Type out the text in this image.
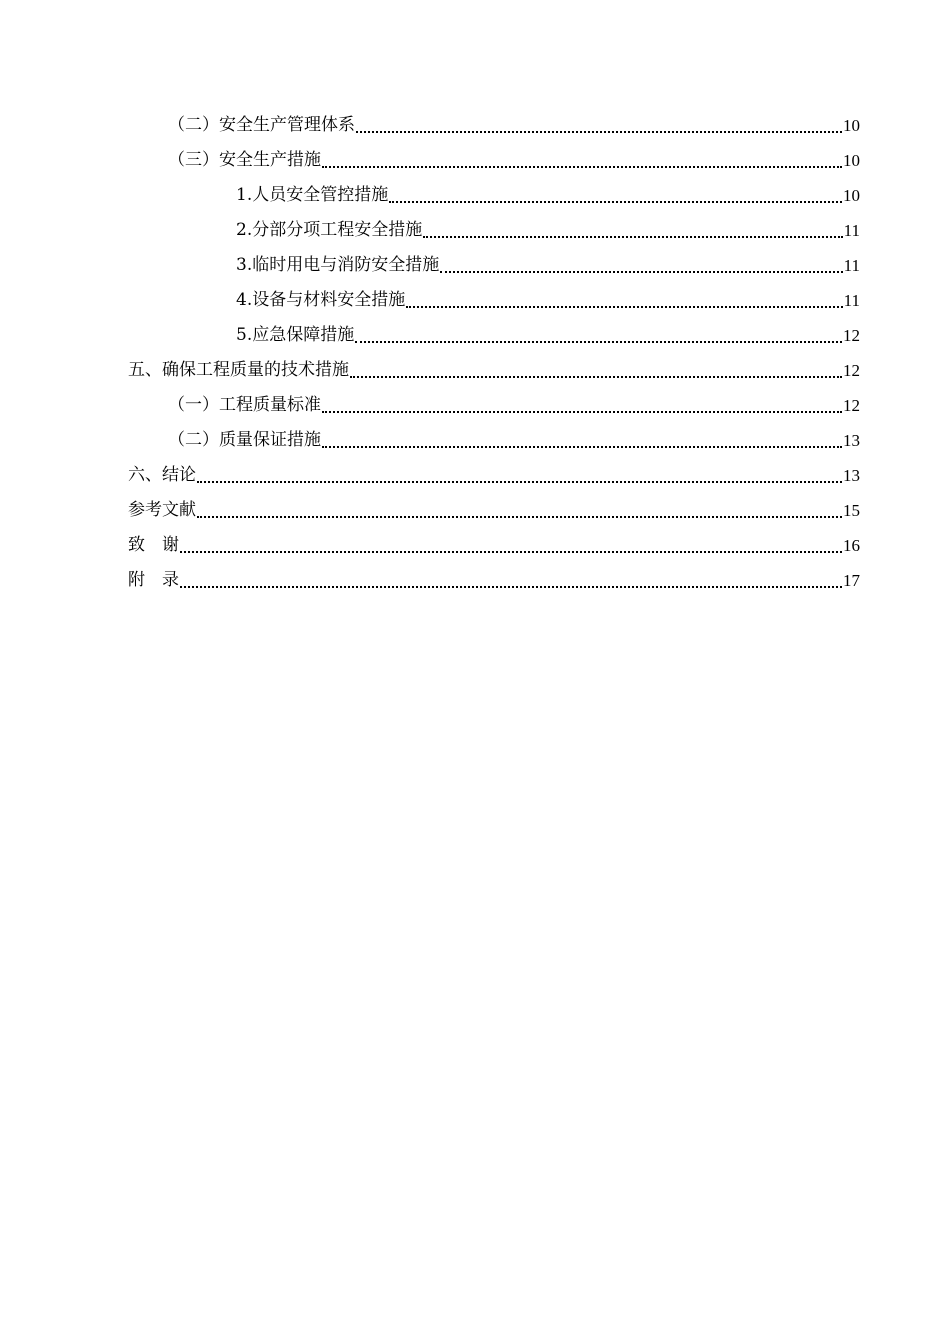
（二）安全生产管理体系	10
（三）安全生产措施	10
1.人员安全管控措施	10
2.分部分项工程安全措施	11
3.临时用电与消防安全措施	11
4.设备与材料安全措施	11
5.应急保障措施	12
五、确保工程质量的技术措施	12
（一）工程质量标准	12
（二）质量保证措施	13
六、结论	13
参考文献	15
致　谢	16
附　录	17
